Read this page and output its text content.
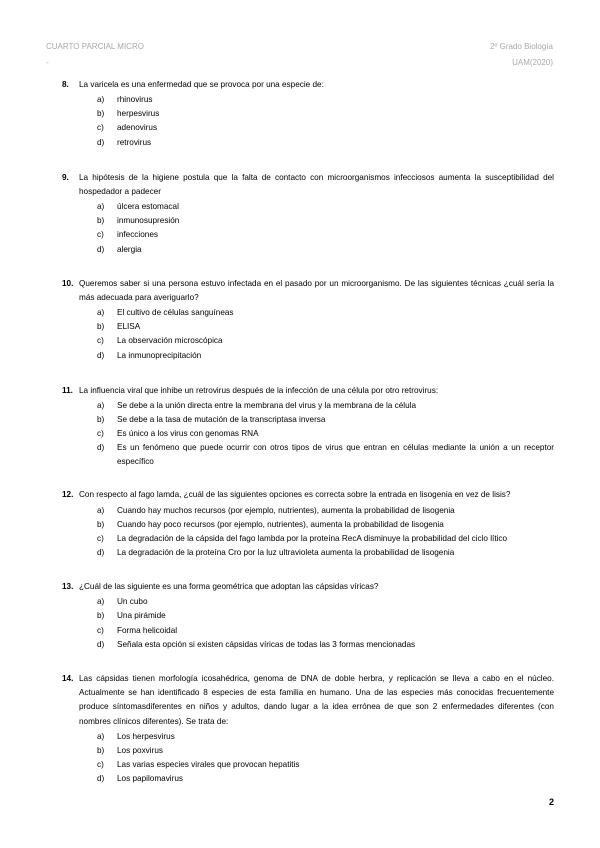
CUARTO PARCIAL MICRO
-
2º Grado Biología
UAM(2020)
8. La varicela es una enfermedad que se provoca por una especie de:
a) rhinovirus
b) herpesvirus
c) adenovirus
d) retrovirus
9. La hipótesis de la higiene postula que la falta de contacto con microorganismos infecciosos aumenta la susceptibilidad del hospedador a padecer
a) úlcera estomacal
b) inmunosupresión
c) infecciones
d) alergia
10. Queremos saber si una persona estuvo infectada en el pasado por un microorganismo. De las siguientes técnicas ¿cuál sería la más adecuada para averiguarlo?
a) El cultivo de células sanguíneas
b) ELISA
c) La observación microscópica
d) La inmunoprecipitación
11. La influencia viral que inhibe un retrovirus después de la infección de una célula por otro retrovirus:
a) Se debe a la unión directa entre la membrana del virus y la membrana de la célula
b) Se debe a la tasa de mutación de la transcriptasa inversa
c) Es único a los virus con genomas RNA
d) Es un fenómeno que puede ocurrir con otros tipos de virus que entran en células mediante la unión a un receptor específico
12. Con respecto al fago lamda, ¿cuál de las siguientes opciones es correcta sobre la entrada en lisogenia en vez de lisis?
a) Cuando hay muchos recursos (por ejemplo, nutrientes), aumenta la probabilidad de lisogenia
b) Cuando hay poco recursos (por ejemplo, nutrientes), aumenta la probabilidad de lisogenia
c) La degradación de la cápsida del fago lambda por la proteína RecA disminuye la probabilidad del ciclo lítico
d) La degradación de la proteína Cro por la luz ultravioleta aumenta la probabilidad de lisogenia
13. ¿Cuál de las siguiente es una forma geométrica que adoptan las cápsidas víricas?
a) Un cubo
b) Una pirámide
c) Forma helicoidal
d) Señala esta opción si existen cápsidas víricas de todas las 3 formas mencionadas
14. Las cápsidas tienen morfología icosahédrica, genoma de DNA de doble herbra, y replicación se lleva a cabo en el núcleo. Actualmente se han identificado 8 especies de esta familia en humano. Una de las especies más conocidas frecuentemente produce síntomasdiferentes en niños y adultos, dando lugar a la idea errónea de que son 2 enfermedades diferentes (con nombres clínicos diferentes). Se trata de:
a) Los herpesvirus
b) Los poxvirus
c) Las varias especies virales que provocan hepatitis
d) Los papilomavirus
2
